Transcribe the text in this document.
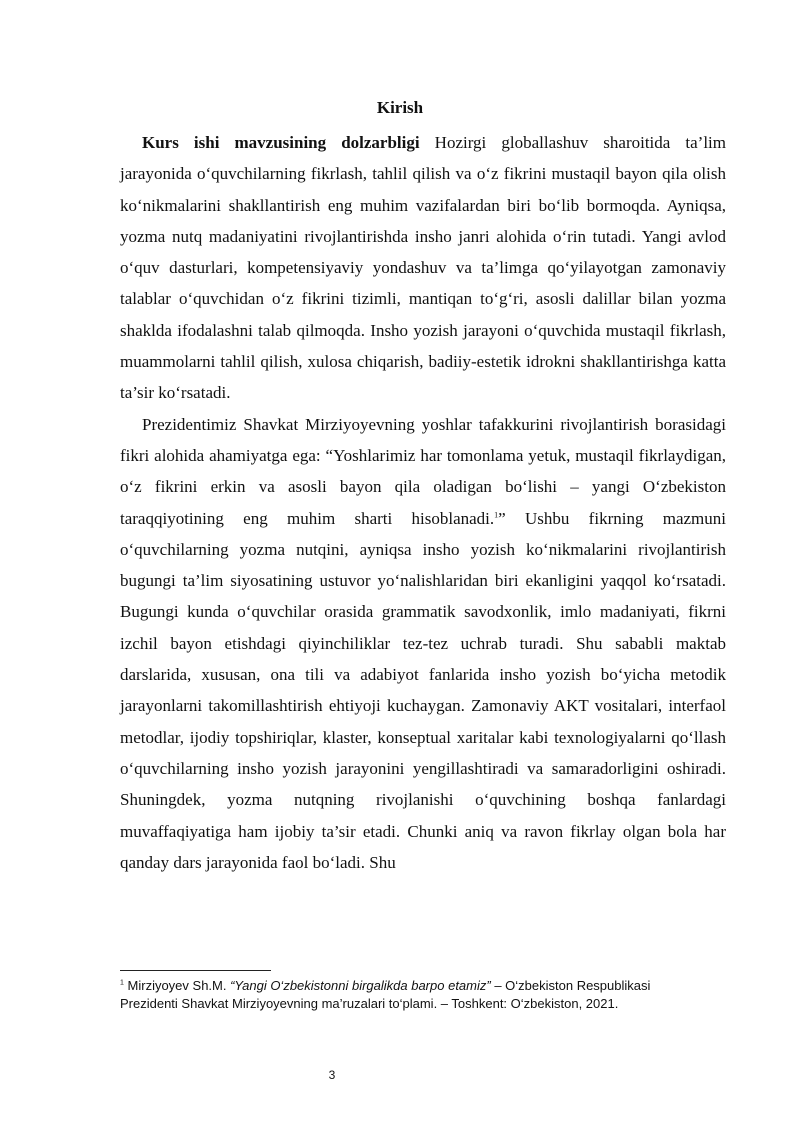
Kirish

Kurs ishi mavzusining dolzarbligi Hozirgi globallashuv sharoitida ta’lim jarayonida o‘quvchilarning fikrlash, tahlil qilish va o‘z fikrini mustaqil bayon qila olish ko‘nikmalarini shakllantirish eng muhim vazifalardan biri bo‘lib bormoqda. Ayniqsa, yozma nutq madaniyatini rivojlantirishda insho janri alohida o‘rin tutadi. Yangi avlod o‘quv dasturlari, kompetensiyaviy yondashuv va ta’limga qo‘yilayotgan zamonaviy talablar o‘quvchidan o‘z fikrini tizimli, mantiqan to‘g‘ri, asosli dalillar bilan yozma shaklda ifodalashni talab qilmoqda. Insho yozish jarayoni o‘quvchida mustaqil fikrlash, muammolarni tahlil qilish, xulosa chiqarish, badiiy-estetik idrokni shakllantirishga katta ta’sir ko‘rsatadi.

Prezidentimiz Shavkat Mirziyoyevning yoshlar tafakkurini rivojlantirish borasidagi fikri alohida ahamiyatga ega: “Yoshlarimiz har tomonlama yetuk, mustaqil fikrlaydigan, o‘z fikrini erkin va asosli bayon qila oladigan bo‘lishi – yangi O‘zbekiston taraqqiyotining eng muhim sharti hisoblanadi.$^1$” Ushbu fikrning mazmuni o‘quvchilarning yozma nutqini, ayniqsa insho yozish ko‘nikmalarini rivojlantirish bugungi ta’lim siyosatining ustuvor yo‘nalishlaridan biri ekanligini yaqqol ko‘rsatadi. Bugungi kunda o‘quvchilar orasida grammatik savodxonlik, imlo madaniyati, fikrni izchil bayon etishdagi qiyinchiliklar tez-tez uchrab turadi. Shu sababli maktab darslarida, xususan, ona tili va adabiyot fanlarida insho yozish bo‘yicha metodik jarayonlarni takomillashtirish ehtiyoji kuchaygan. Zamonaviy AKT vositalari, interfaol metodlar, ijodiy topshiriqlar, klaster, konseptual xaritalar kabi texnologiyalarni qo‘llash o‘quvchilarning insho yozish jarayonini yengillashtiradi va samaradorligini oshiradi. Shuningdek, yozma nutqning rivojlanishi o‘quvchining boshqa fanlardagi muvaffaqiyatiga ham ijobiy ta’sir etadi. Chunki aniq va ravon fikrlay olgan bola har qanday dars jarayonida faol bo‘ladi. Shu

$^1$ Mirziyoyev Sh.M. “Yangi O‘zbekistonni birgalikda barpo etamiz” – O‘zbekiston Respublikasi Prezidenti Shavkat Mirziyoyevning ma’ruzalari to‘plami. – Toshkent: O‘zbekiston, 2021.
3
